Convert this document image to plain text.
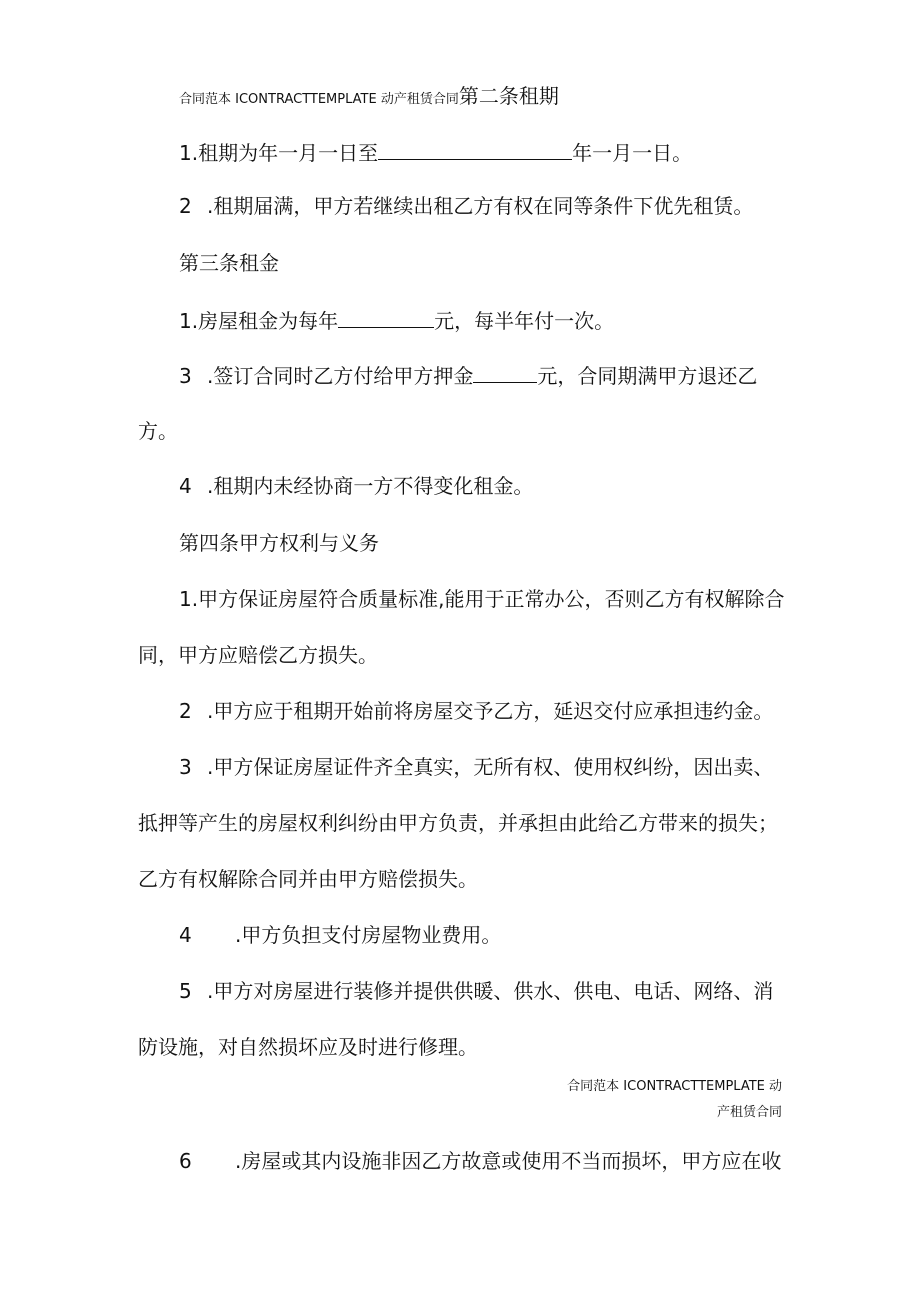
合同范本 ICONTRACTTEMPLATE 动产租赁合同第二条租期
1.租期为年一月一日至	年一月一日。
2 .租期届满，甲方若继续出租乙方有权在同等条件下优先租赁。
第三条租金
1.房屋租金为每年	元，每半年付一次。
3 .签订合同时乙方付给甲方押金	元，合同期满甲方退还乙
方。
4 .租期内未经协商一方不得变化租金。
第四条甲方权利与义务
1.甲方保证房屋符合质量标准,能用于正常办公，否则乙方有权解除合
同，甲方应赔偿乙方损失。
2 .甲方应于租期开始前将房屋交予乙方，延迟交付应承担违约金。
3 .甲方保证房屋证件齐全真实，无所有权、使用权纠纷，因出卖、
抵押等产生的房屋权利纠纷由甲方负责，并承担由此给乙方带来的损失；
乙方有权解除合同并由甲方赔偿损失。
4 .甲方负担支付房屋物业费用。
5 .甲方对房屋进行装修并提供供暖、供水、供电、电话、网络、消
防设施，对自然损坏应及时进行修理。
合同范本 ICONTRACTTEMPLATE 动
产租赁合同
6 .房屋或其内设施非因乙方故意或使用不当而损坏，甲方应在收
